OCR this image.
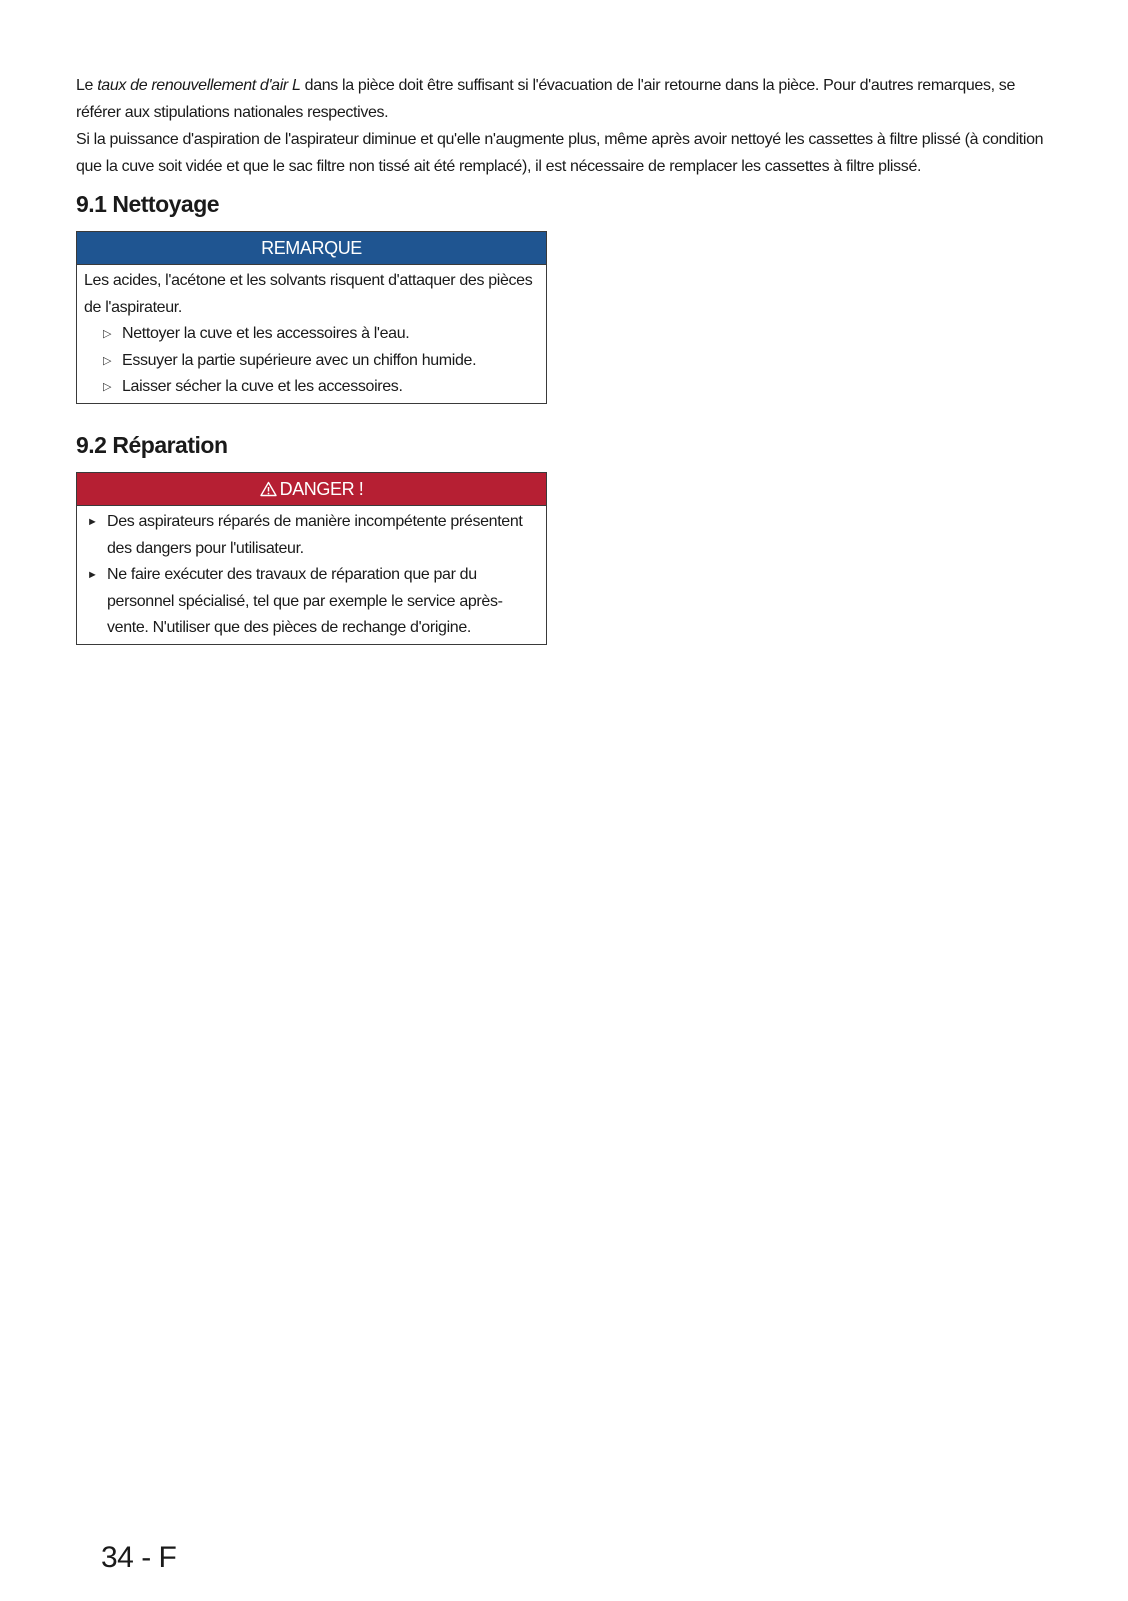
Le taux de renouvellement d'air L dans la pièce doit être suffisant si l'évacuation de l'air retourne dans la pièce. Pour d'autres remarques, se référer aux stipulations nationales respectives.

Si la puissance d'aspiration de l'aspirateur diminue et qu'elle n'augmente plus, même après avoir nettoyé les cassettes à filtre plissé (à condition que la cuve soit vidée et que le sac filtre non tissé ait été remplacé), il est nécessaire de remplacer les cassettes à filtre plissé.

9.1 Nettoyage
REMARQUE

Les acides, l'acétone et les solvants risquent d'attaquer des pièces de l'aspirateur.

▷ Nettoyer la cuve et les accessoires à l'eau.
▷ Essuyer la partie supérieure avec un chiffon humide.
▷ Laisser sécher la cuve et les accessoires.
9.2 Réparation
DANGER !
► Des aspirateurs réparés de manière incompétente présentent des dangers pour l'utilisateur.
► Ne faire exécuter des travaux de réparation que par du personnel spécialisé, tel que par exemple le service après-vente. N'utiliser que des pièces de rechange d'origine.
34 - F
